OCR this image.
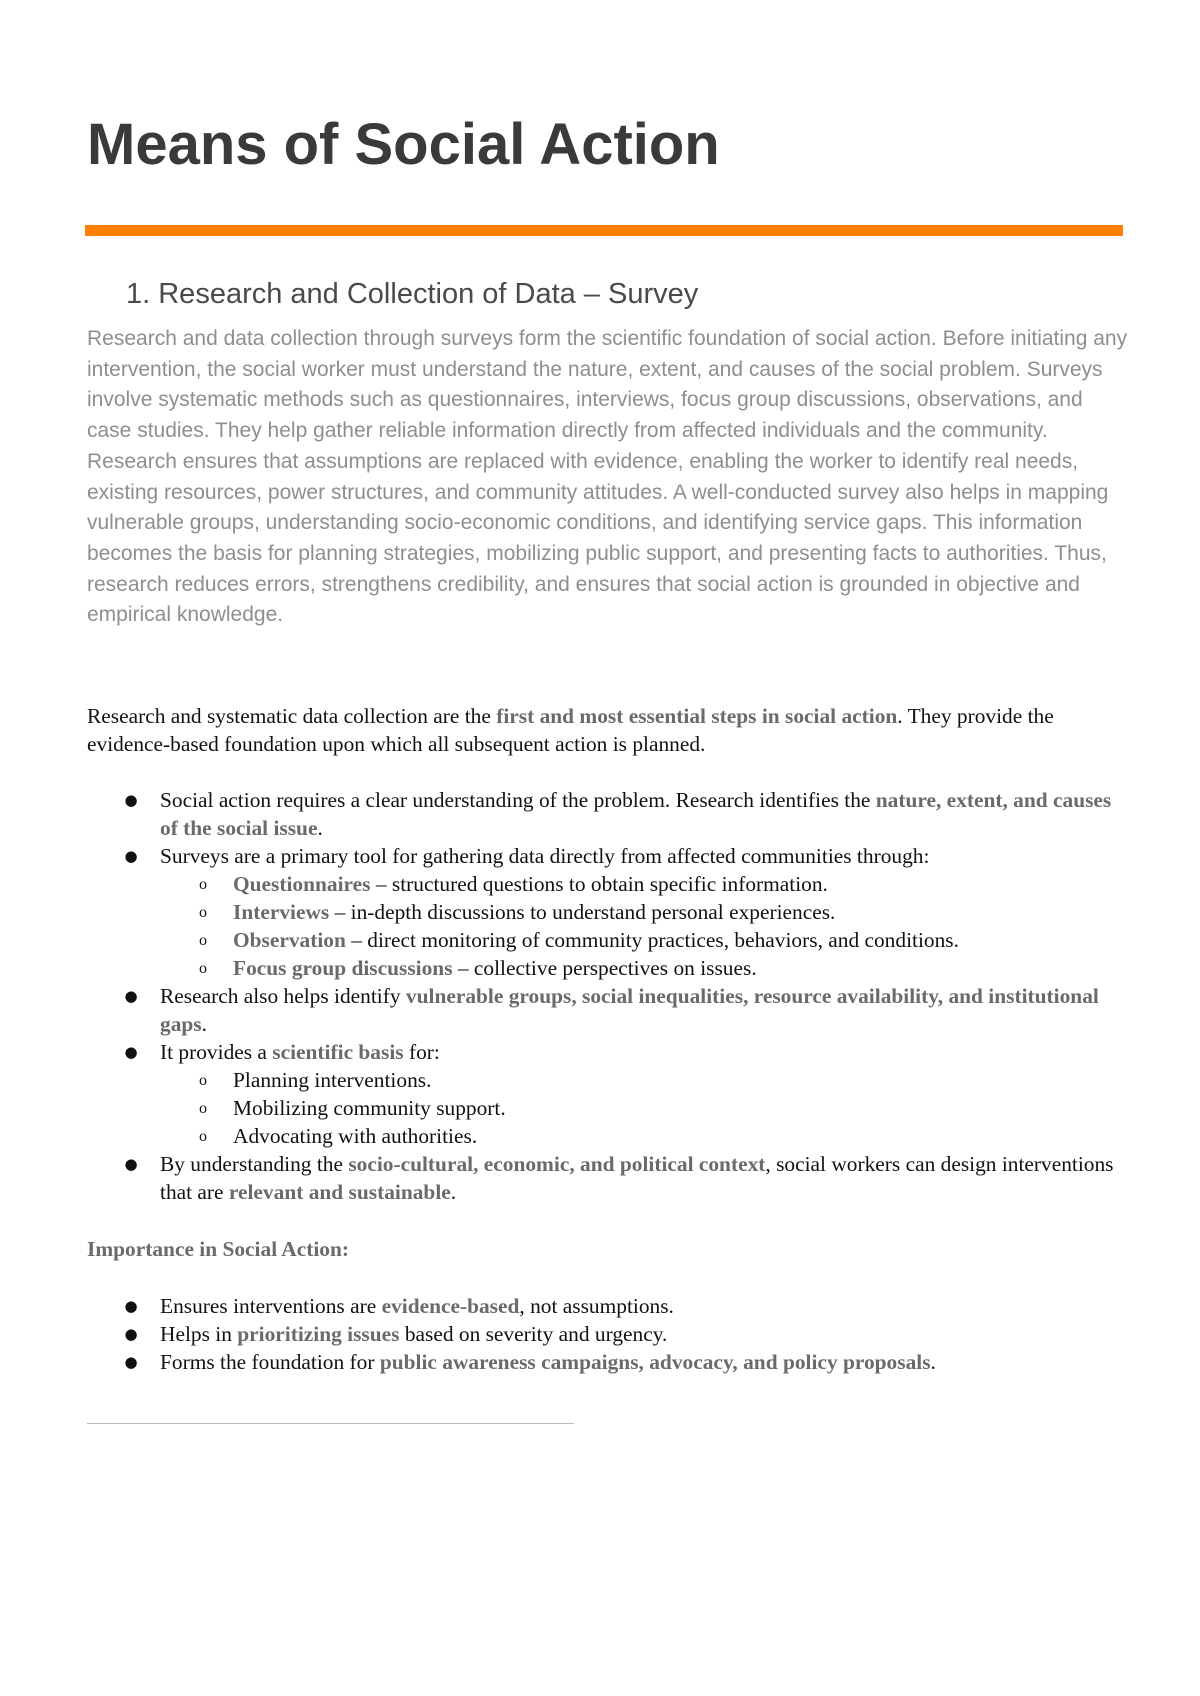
Means of Social Action
1. Research and Collection of Data – Survey

Research and data collection through surveys form the scientific foundation of social action. Before initiating any intervention, the social worker must understand the nature, extent, and causes of the social problem. Surveys involve systematic methods such as questionnaires, interviews, focus group discussions, observations, and case studies. They help gather reliable information directly from affected individuals and the community. Research ensures that assumptions are replaced with evidence, enabling the worker to identify real needs, existing resources, power structures, and community attitudes. A well-conducted survey also helps in mapping vulnerable groups, understanding socio-economic conditions, and identifying service gaps. This information becomes the basis for planning strategies, mobilizing public support, and presenting facts to authorities. Thus, research reduces errors, strengthens credibility, and ensures that social action is grounded in objective and empirical knowledge.

Research and systematic data collection are the first and most essential steps in social action. They provide the evidence-based foundation upon which all subsequent action is planned.

● Social action requires a clear understanding of the problem. Research identifies the nature, extent, and causes of the social issue.
● Surveys are a primary tool for gathering data directly from affected communities through:
o Questionnaires – structured questions to obtain specific information.
o Interviews – in-depth discussions to understand personal experiences.
o Observation – direct monitoring of community practices, behaviors, and conditions.
o Focus group discussions – collective perspectives on issues.
● Research also helps identify vulnerable groups, social inequalities, resource availability, and institutional gaps.
● It provides a scientific basis for:
o Planning interventions.
o Mobilizing community support.
o Advocating with authorities.
● By understanding the socio-cultural, economic, and political context, social workers can design interventions that are relevant and sustainable.

Importance in Social Action:

● Ensures interventions are evidence-based, not assumptions.
● Helps in prioritizing issues based on severity and urgency.
● Forms the foundation for public awareness campaigns, advocacy, and policy proposals.
